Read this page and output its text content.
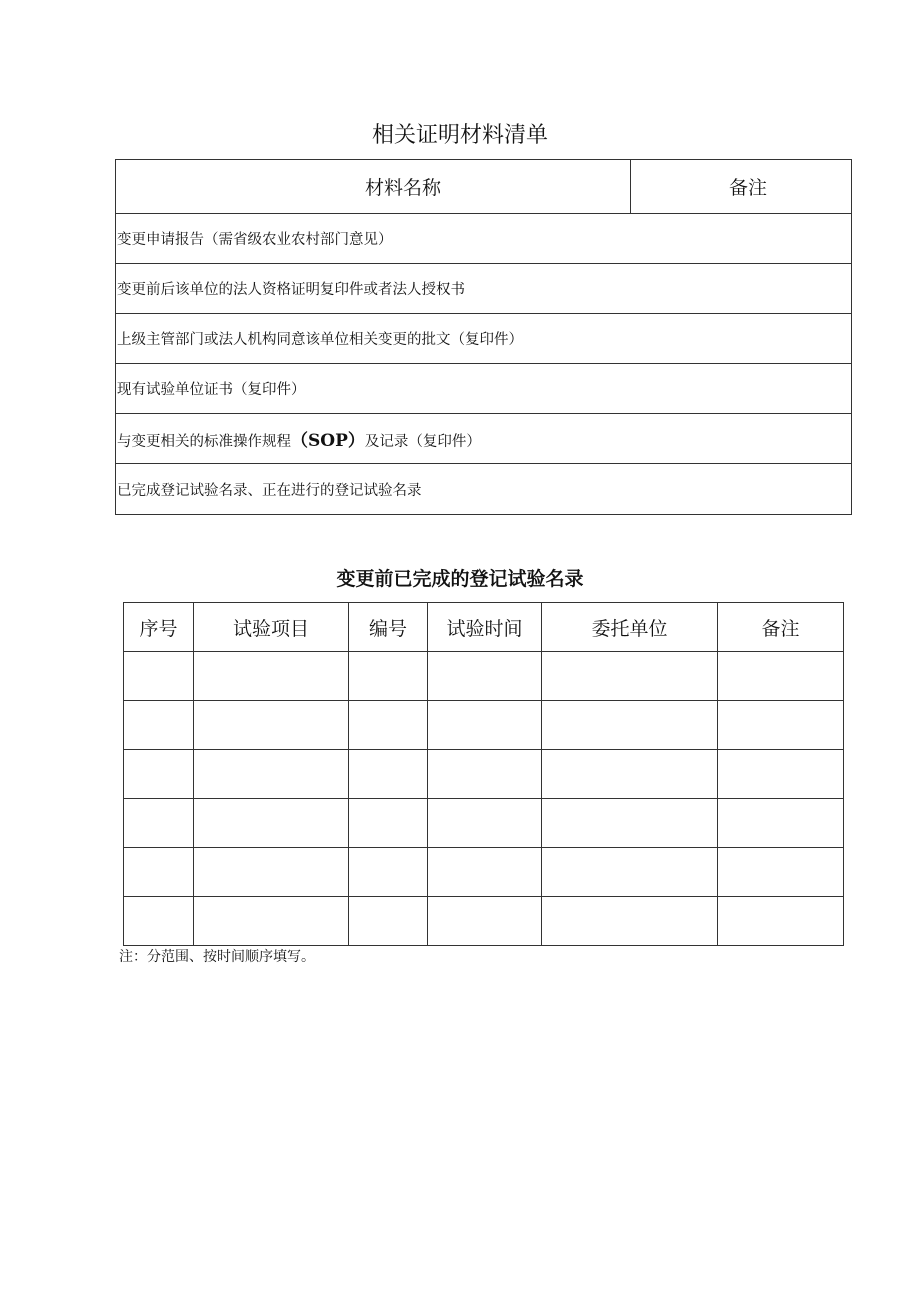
相关证明材料清单
材料名称	备注
变更申请报告（需省级农业农村部门意见）
变更前后该单位的法人资格证明复印件或者法人授权书
上级主管部门或法人机构同意该单位相关变更的批文（复印件）
现有试验单位证书（复印件）
与变更相关的标准操作规程（SOP）及记录（复印件）
已完成登记试验名录、正在进行的登记试验名录
变更前已完成的登记试验名录
序号	试验项目	编号	试验时间	委托单位	备注

注：分范围、按时间顺序填写。
